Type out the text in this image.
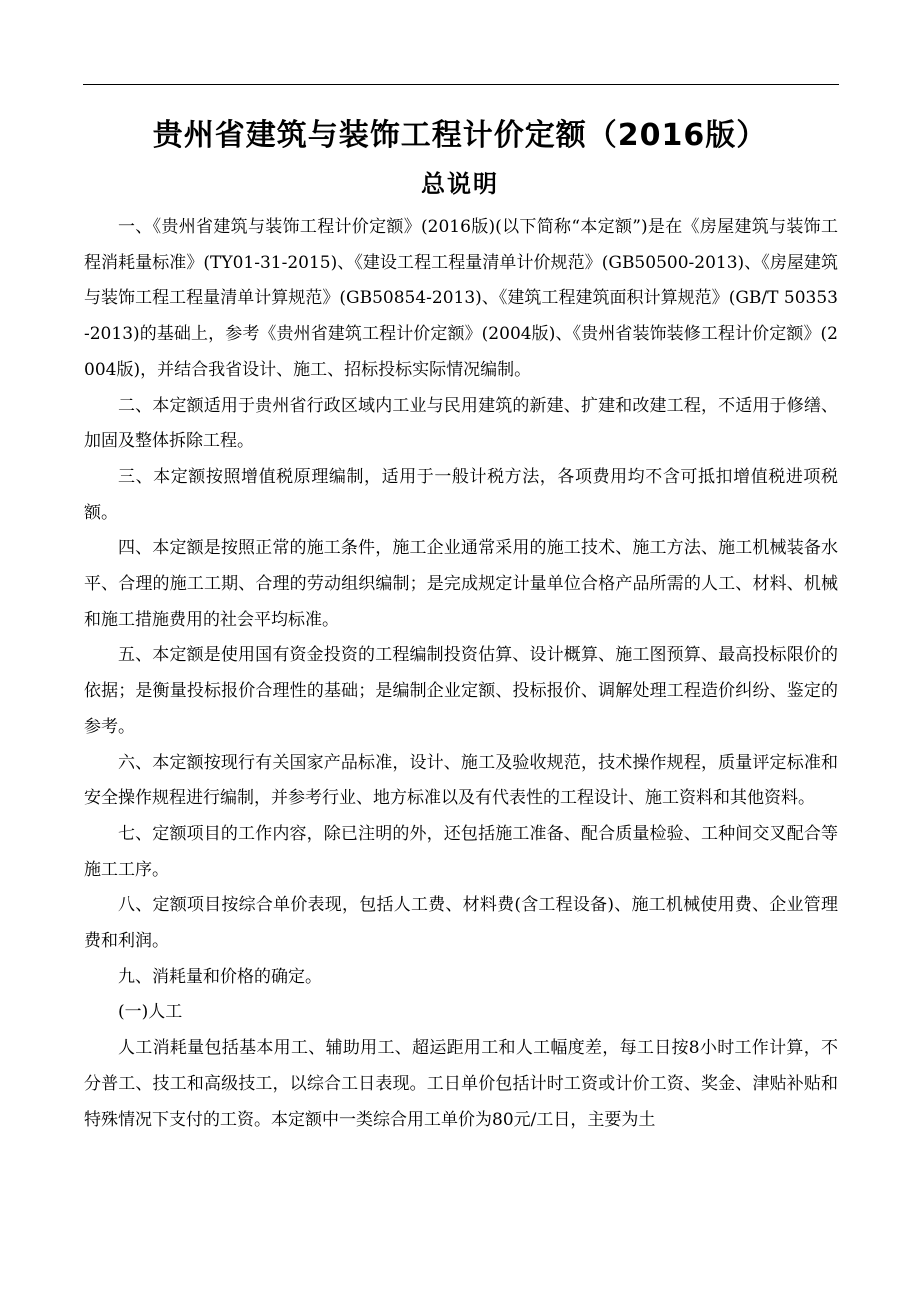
贵州省建筑与装饰工程计价定额（2016版）
总说明

一、《贵州省建筑与装饰工程计价定额》(2016版)(以下简称“本定额”)是在《房屋建筑与装饰工程消耗量标准》(TY01-31-2015)、《建设工程工程量清单计价规范》(GB50500-2013)、《房屋建筑与装饰工程工程量清单计算规范》(GB50854-2013)、《建筑工程建筑面积计算规范》(GB/T 50353-2013)的基础上，参考《贵州省建筑工程计价定额》(2004版)、《贵州省装饰装修工程计价定额》(2004版)，并结合我省设计、施工、招标投标实际情况编制。

二、本定额适用于贵州省行政区域内工业与民用建筑的新建、扩建和改建工程，不适用于修缮、加固及整体拆除工程。

三、本定额按照增值税原理编制，适用于一般计税方法，各项费用均不含可抵扣增值税进项税额。

四、本定额是按照正常的施工条件，施工企业通常采用的施工技术、施工方法、施工机械装备水平、合理的施工工期、合理的劳动组织编制；是完成规定计量单位合格产品所需的人工、材料、机械和施工措施费用的社会平均标准。

五、本定额是使用国有资金投资的工程编制投资估算、设计概算、施工图预算、最高投标限价的依据；是衡量投标报价合理性的基础；是编制企业定额、投标报价、调解处理工程造价纠纷、鉴定的参考。

六、本定额按现行有关国家产品标准，设计、施工及验收规范，技术操作规程，质量评定标准和安全操作规程进行编制，并参考行业、地方标准以及有代表性的工程设计、施工资料和其他资料。

七、定额项目的工作内容，除已注明的外，还包括施工准备、配合质量检验、工种间交叉配合等施工工序。

八、定额项目按综合单价表现，包括人工费、材料费(含工程设备)、施工机械使用费、企业管理费和利润。

九、消耗量和价格的确定。

(一)人工

人工消耗量包括基本用工、辅助用工、超运距用工和人工幅度差，每工日按8小时工作计算，不分普工、技工和高级技工，以综合工日表现。工日单价包括计时工资或计价工资、奖金、津贴补贴和特殊情况下支付的工资。本定额中一类综合用工单价为80元/工日，主要为土
